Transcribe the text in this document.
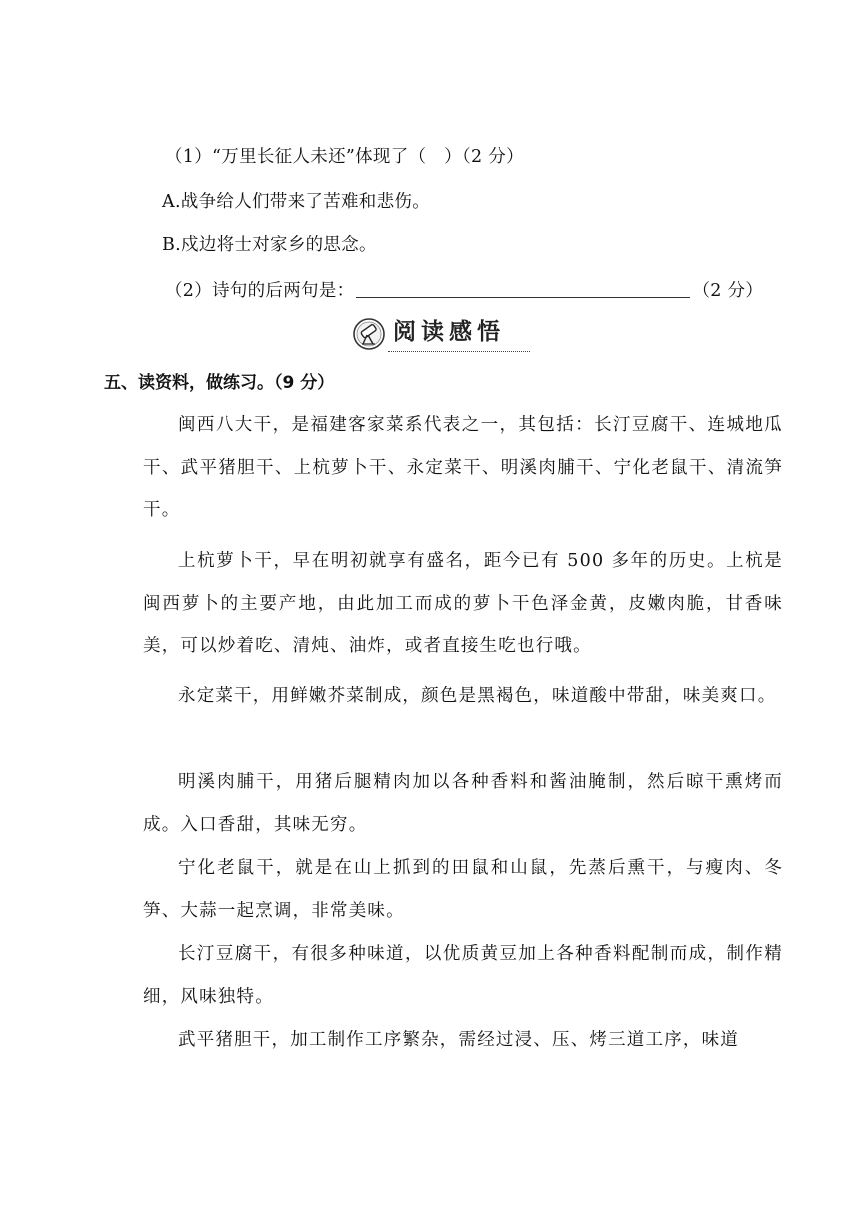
（1）“万里长征人未还”体现了（　）（2 分）
A.战争给人们带来了苦难和悲伤。
B.戍边将士对家乡的思念。
（2）诗句的后两句是：	（2 分）
阅读感悟
五、读资料，做练习。（9 分）
闽西八大干，是福建客家菜系代表之一，其包括：长汀豆腐干、连城地瓜干、武平猪胆干、上杭萝卜干、永定菜干、明溪肉脯干、宁化老鼠干、清流笋干。
上杭萝卜干，早在明初就享有盛名，距今已有 500 多年的历史。上杭是闽西萝卜的主要产地，由此加工而成的萝卜干色泽金黄，皮嫩肉脆，甘香味美，可以炒着吃、清炖、油炸，或者直接生吃也行哦。
永定菜干，用鲜嫩芥菜制成，颜色是黑褐色，味道酸中带甜，味美爽口。
明溪肉脯干，用猪后腿精肉加以各种香料和酱油腌制，然后晾干熏烤而成。入口香甜，其味无穷。
宁化老鼠干，就是在山上抓到的田鼠和山鼠，先蒸后熏干，与瘦肉、冬笋、大蒜一起烹调，非常美味。
长汀豆腐干，有很多种味道，以优质黄豆加上各种香料配制而成，制作精细，风味独特。
武平猪胆干，加工制作工序繁杂，需经过浸、压、烤三道工序，味道
